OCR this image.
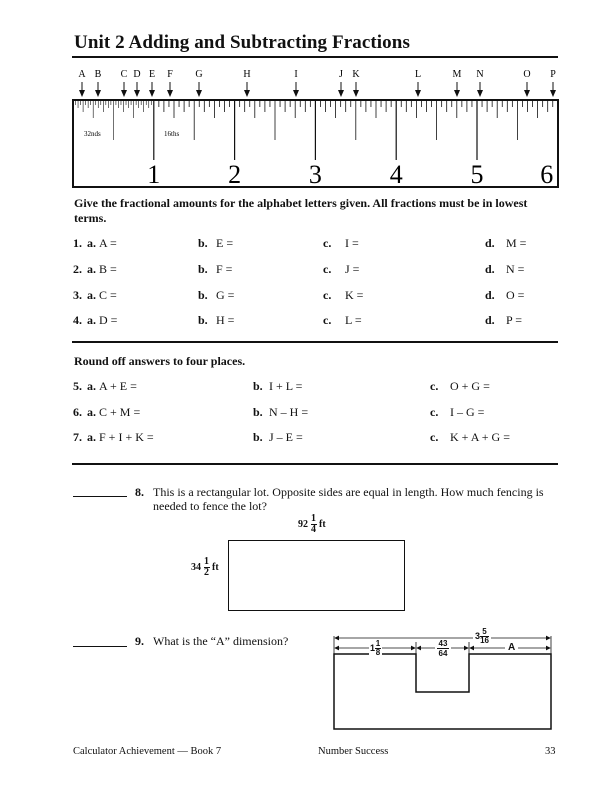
Unit 2 Adding and Subtracting Fractions
A B C D E F G	H	I	J K	L	M N	O P
32nds	16ths
1	2	3	4	5 6
Give the fractional amounts for the alphabet letters given. All fractions must be in lowest terms.
1. a. A =	b. E =	c. I =	d. M =
2. a. B =	b. F =	c. J =	d. N =
3. a. C =	b. G =	c. K =	d. O =
4. a. D =	b. H =	c. L =	d. P =
Round off answers to four places.
5. a. A + E =	b. I + L =	c. O + G =
6. a. C + M =	b. N – H =	c. I – G =
7. a. F + I + K =	b. J – E =	c. K + A + G =
8. This is a rectangular lot. Opposite sides are equal in length. How much fencing is needed to fence the lot?
$92 \frac{1}{4}$ ft
$34 \frac{1}{2}$ ft
9. What is the “A” dimension?	$1 \frac{1}{8}$	$\frac{43}{64}$
$3 \frac{5}{16}$
A
Calculator Achievement — Book 7	Number Success	33
